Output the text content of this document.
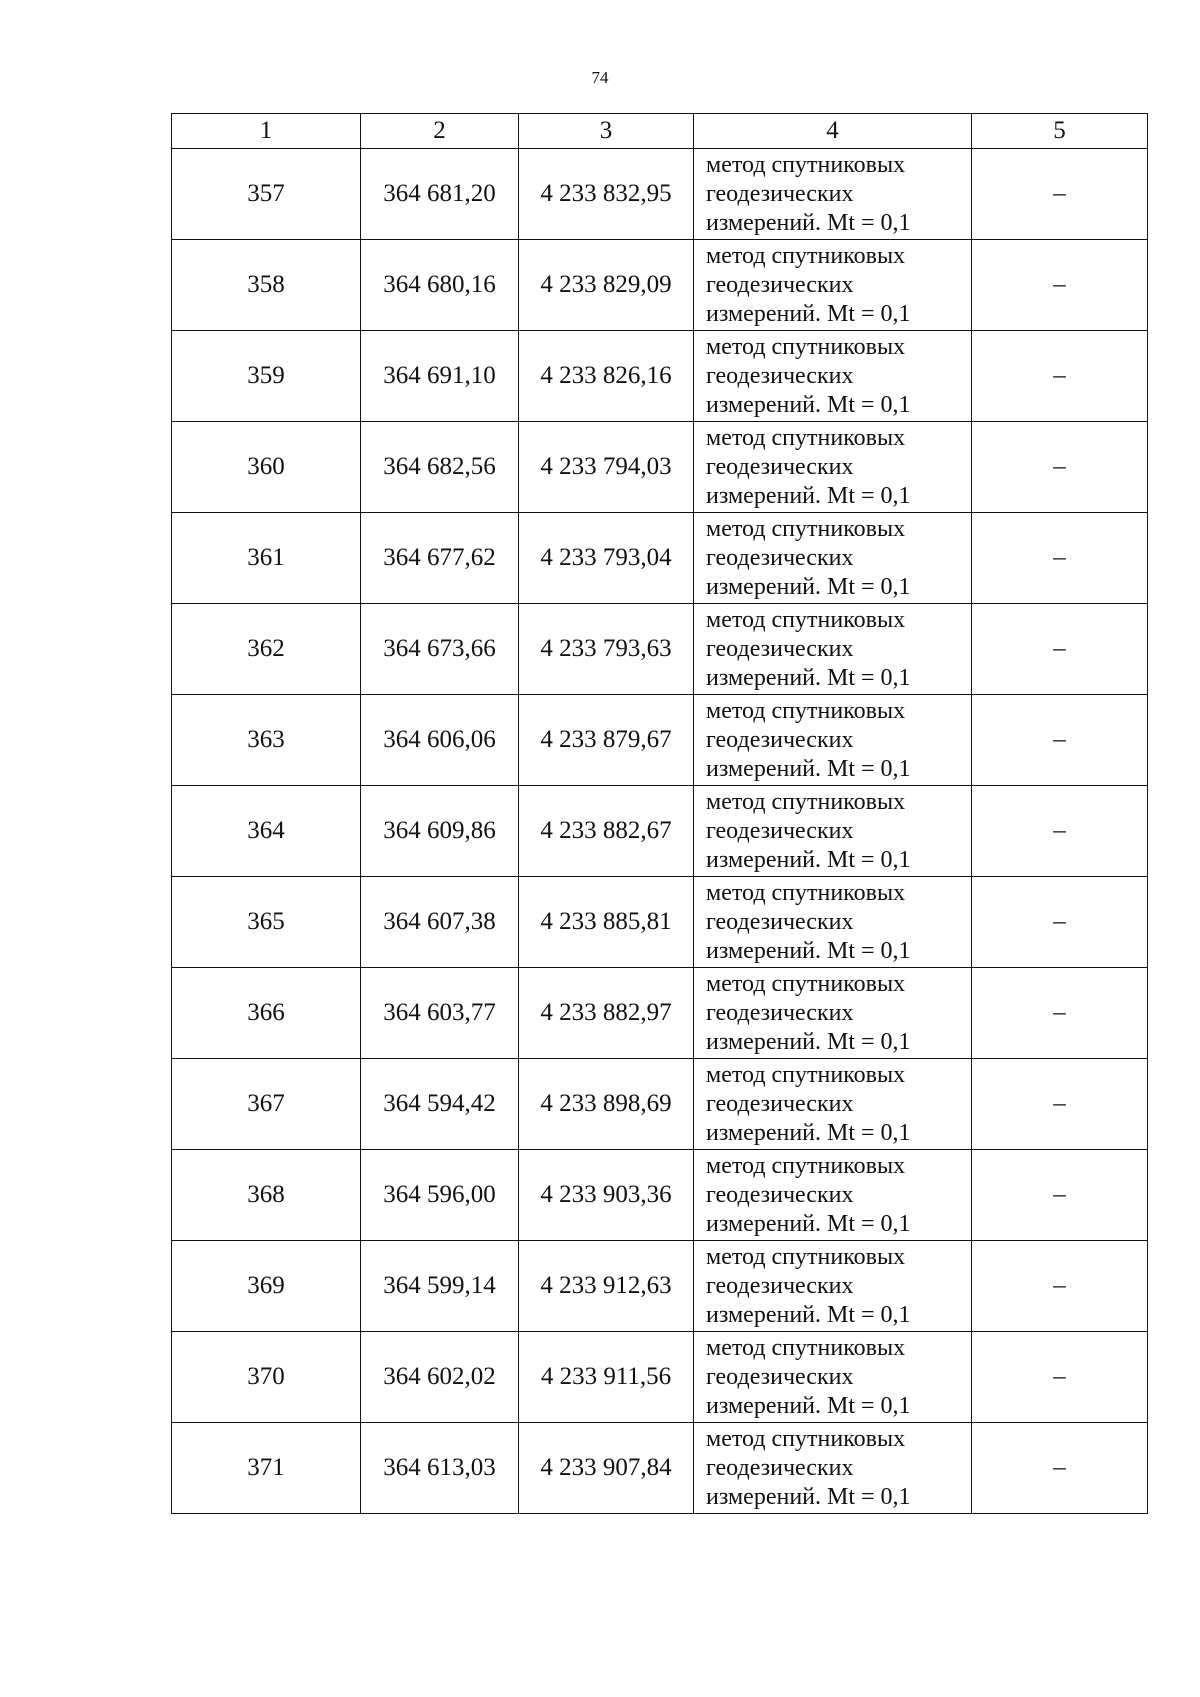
74
1	2	3	4	5
357	364 681,20	4 233 832,95	метод спутниковых
геодезических
измерений. Mt = 0,1	–
358	364 680,16	4 233 829,09	метод спутниковых
геодезических
измерений. Mt = 0,1	–
359	364 691,10	4 233 826,16	метод спутниковых
геодезических
измерений. Mt = 0,1	–
360	364 682,56	4 233 794,03	метод спутниковых
геодезических
измерений. Mt = 0,1	–
361	364 677,62	4 233 793,04	метод спутниковых
геодезических
измерений. Mt = 0,1	–
362	364 673,66	4 233 793,63	метод спутниковых
геодезических
измерений. Mt = 0,1	–
363	364 606,06	4 233 879,67	метод спутниковых
геодезических
измерений. Mt = 0,1	–
364	364 609,86	4 233 882,67	метод спутниковых
геодезических
измерений. Mt = 0,1	–
365	364 607,38	4 233 885,81	метод спутниковых
геодезических
измерений. Mt = 0,1	–
366	364 603,77	4 233 882,97	метод спутниковых
геодезических
измерений. Mt = 0,1	–
367	364 594,42	4 233 898,69	метод спутниковых
геодезических
измерений. Mt = 0,1	–
368	364 596,00	4 233 903,36	метод спутниковых
геодезических
измерений. Mt = 0,1	–
369	364 599,14	4 233 912,63	метод спутниковых
геодезических
измерений. Mt = 0,1	–
370	364 602,02	4 233 911,56	метод спутниковых
геодезических
измерений. Mt = 0,1	–
371	364 613,03	4 233 907,84	метод спутниковых
геодезических
измерений. Mt = 0,1	–
